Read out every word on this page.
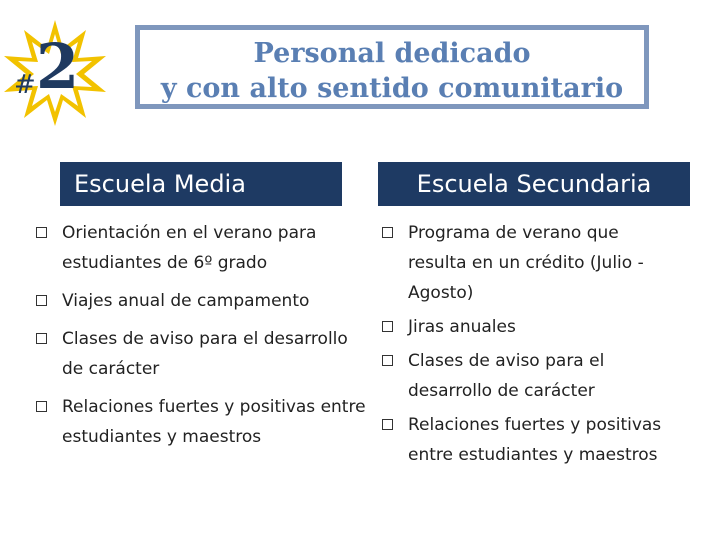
# 2	Personal dedicado
y con alto sentido comunitario
Escuela Media	Escuela Secundaria
Orientación en el verano para estudiantes de 6º grado
Viajes anual de campamento
Clases de aviso para el desarrollo de carácter
Relaciones fuertes y positivas entre estudiantes y maestros
Programa de verano que resulta en un crédito (Julio - Agosto)
Jiras anuales
Clases de aviso para el desarrollo de carácter
Relaciones fuertes y positivas entre estudiantes y maestros
